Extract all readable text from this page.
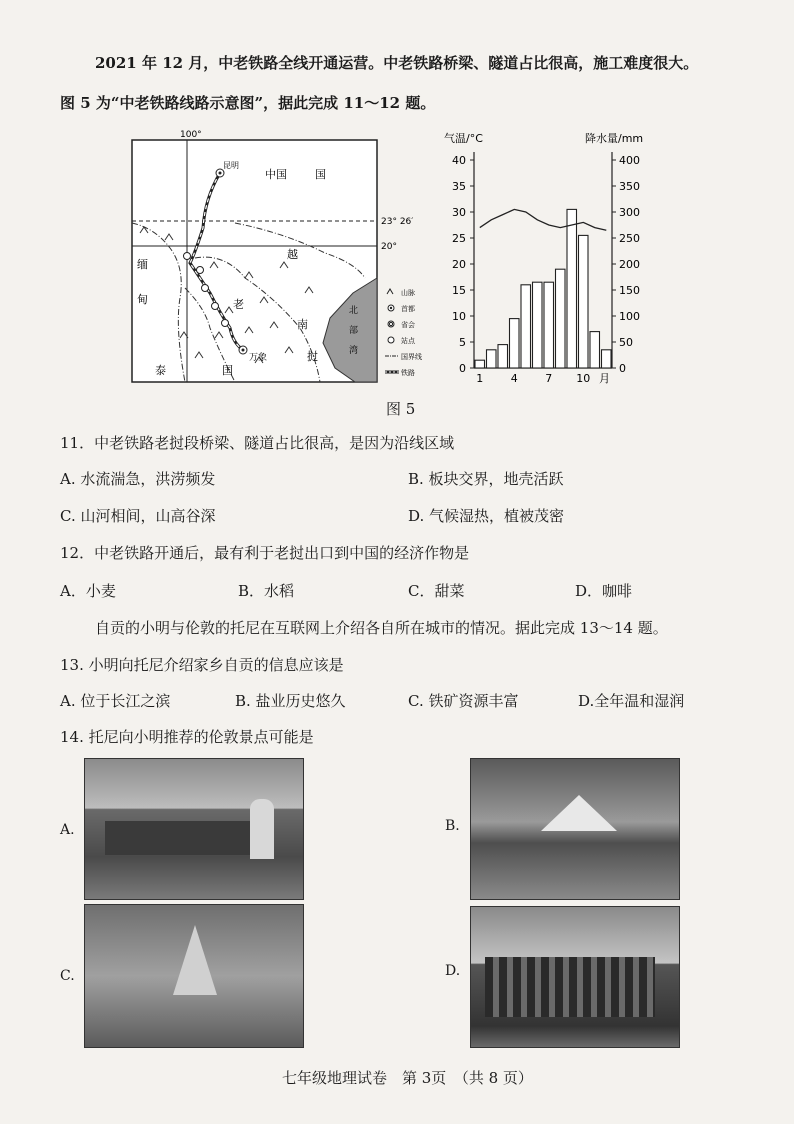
2021 年 12 月，中老铁路全线开通运营。中老铁路桥梁、隧道占比很高，施工难度很大。
图 5 为“中老铁路线路示意图”，据此完成 11～12 题。
100°
23° 26′
20°
昆明
中国	国
缅
甸	老
越
南
挝
泰	国
万象
北
部
湾
山脉
首都
省会
站点
国界线
铁路
气温/°C	降水量/mm
0
5
10
15
20
25
30
35
40
0
50
100
150
200
250
300
350
400
1	4	7 10 月
图 5
11．中老铁路老挝段桥梁、隧道占比很高，是因为沿线区域
A. 水流湍急，洪涝频发	B. 板块交界，地壳活跃
C. 山河相间，山高谷深	D. 气候湿热，植被茂密
12．中老铁路开通后，最有利于老挝出口到中国的经济作物是
A．小麦	B．水稻	C．甜菜	D．咖啡
自贡的小明与伦敦的托尼在互联网上介绍各自所在城市的情况。据此完成 13～14 题。
13. 小明向托尼介绍家乡自贡的信息应该是
A. 位于长江之滨	B. 盐业历史悠久	C. 铁矿资源丰富	D.全年温和湿润
14. 托尼向小明推荐的伦敦景点可能是
A.	B.
C.	D.
七年级地理试卷　第 3页　（共 8 页）
